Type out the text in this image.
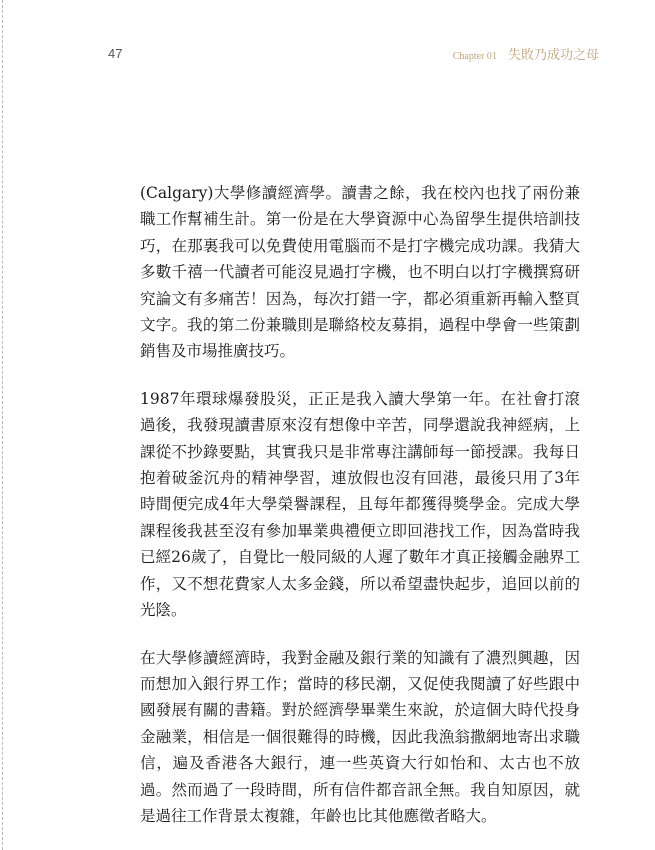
47	Chapter 01 失敗乃成功之母

(Calgary)大學修讀經濟學。讀書之餘，我在校內也找了兩份兼職工作幫補生計。第一份是在大學資源中心為留學生提供培訓技巧，在那裏我可以免費使用電腦而不是打字機完成功課。我猜大多數千禧一代讀者可能沒見過打字機，也不明白以打字機撰寫研究論文有多痛苦！因為，每次打錯一字，都必須重新再輸入整頁文字。我的第二份兼職則是聯絡校友募捐，過程中學會一些策劃銷售及市場推廣技巧。

1987年環球爆發股災，正正是我入讀大學第一年。在社會打滾過後，我發現讀書原來沒有想像中辛苦，同學還說我神經病，上課從不抄錄要點，其實我只是非常專注講師每一節授課。我每日抱着破釜沉舟的精神學習，連放假也沒有回港，最後只用了3年時間便完成4年大學榮譽課程，且每年都獲得獎學金。完成大學課程後我甚至沒有參加畢業典禮便立即回港找工作，因為當時我已經26歲了，自覺比一般同級的人遲了數年才真正接觸金融界工作，又不想花費家人太多金錢，所以希望盡快起步，追回以前的光陰。

在大學修讀經濟時，我對金融及銀行業的知識有了濃烈興趣，因而想加入銀行界工作；當時的移民潮，又促使我閱讀了好些跟中國發展有關的書籍。對於經濟學畢業生來說，於這個大時代投身金融業，相信是一個很難得的時機，因此我漁翁撒網地寄出求職信，遍及香港各大銀行，連一些英資大行如怡和、太古也不放過。然而過了一段時間，所有信件都音訊全無。我自知原因，就是過往工作背景太複雜，年齡也比其他應徵者略大。
